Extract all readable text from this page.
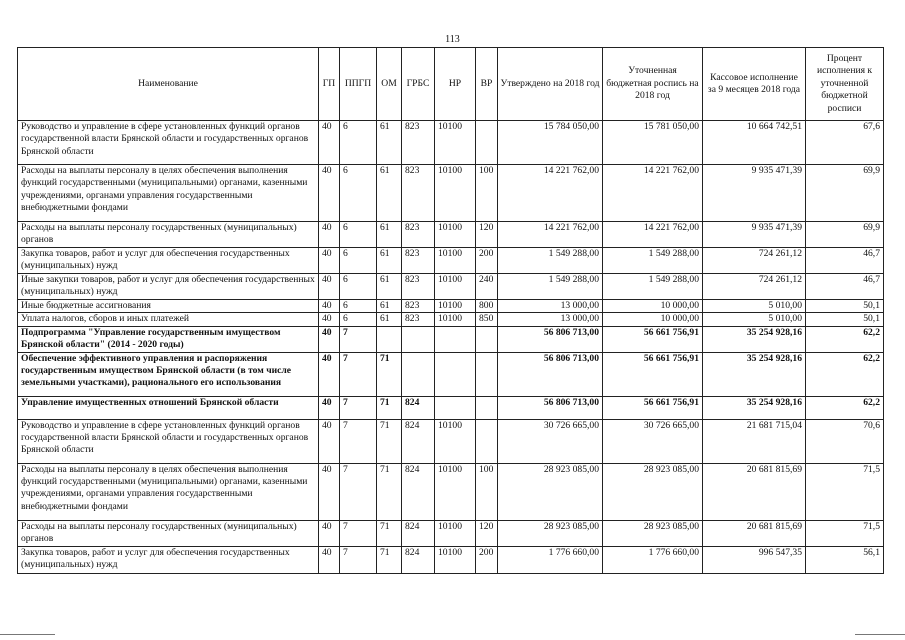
113
Наименование	ГП	ППГП	ОМ	ГРБС	НР	ВР	Утверждено на 2018 год	Уточненная бюджетная роспись на 2018 год	Кассовое исполнение за 9 месяцев 2018 года	Процент исполнения к уточненной бюджетной росписи
Руководство и управление в сфере установленных функций органов государственной власти Брянской области и государственных органов Брянской области	40	6	61	823	10100		15 784 050,00	15 781 050,00	10 664 742,51	67,6
Расходы на выплаты персоналу в целях обеспечения выполнения функций государственными (муниципальными) органами, казенными учреждениями, органами управления государственными внебюджетными фондами	40	6	61	823	10100	100	14 221 762,00	14 221 762,00	9 935 471,39	69,9
Расходы на выплаты персоналу государственных (муниципальных) органов	40	6	61	823	10100	120	14 221 762,00	14 221 762,00	9 935 471,39	69,9
Закупка товаров, работ и услуг для обеспечения государственных (муниципальных) нужд	40	6	61	823	10100	200	1 549 288,00	1 549 288,00	724 261,12	46,7
Иные закупки товаров, работ и услуг для обеспечения государственных (муниципальных) нужд	40	6	61	823	10100	240	1 549 288,00	1 549 288,00	724 261,12	46,7
Иные бюджетные ассигнования	40	6	61	823	10100	800	13 000,00	10 000,00	5 010,00	50,1
Уплата налогов, сборов и иных платежей	40	6	61	823	10100	850	13 000,00	10 000,00	5 010,00	50,1
Подпрограмма "Управление государственным имуществом Брянской области" (2014 - 2020 годы)	40	7					56 806 713,00	56 661 756,91	35 254 928,16	62,2
Обеспечение эффективного управления и распоряжения государственным имуществом Брянской области (в том числе земельными участками), рационального его использования	40	7	71				56 806 713,00	56 661 756,91	35 254 928,16	62,2
Управление имущественных отношений Брянской области	40	7	71	824			56 806 713,00	56 661 756,91	35 254 928,16	62,2
Руководство и управление в сфере установленных функций органов государственной власти Брянской области и государственных органов Брянской области	40	7	71	824	10100		30 726 665,00	30 726 665,00	21 681 715,04	70,6
Расходы на выплаты персоналу в целях обеспечения выполнения функций государственными (муниципальными) органами, казенными учреждениями, органами управления государственными внебюджетными фондами	40	7	71	824	10100	100	28 923 085,00	28 923 085,00	20 681 815,69	71,5
Расходы на выплаты персоналу государственных (муниципальных) органов	40	7	71	824	10100	120	28 923 085,00	28 923 085,00	20 681 815,69	71,5
Закупка товаров, работ и услуг для обеспечения государственных (муниципальных) нужд	40	7	71	824	10100	200	1 776 660,00	1 776 660,00	996 547,35	56,1
